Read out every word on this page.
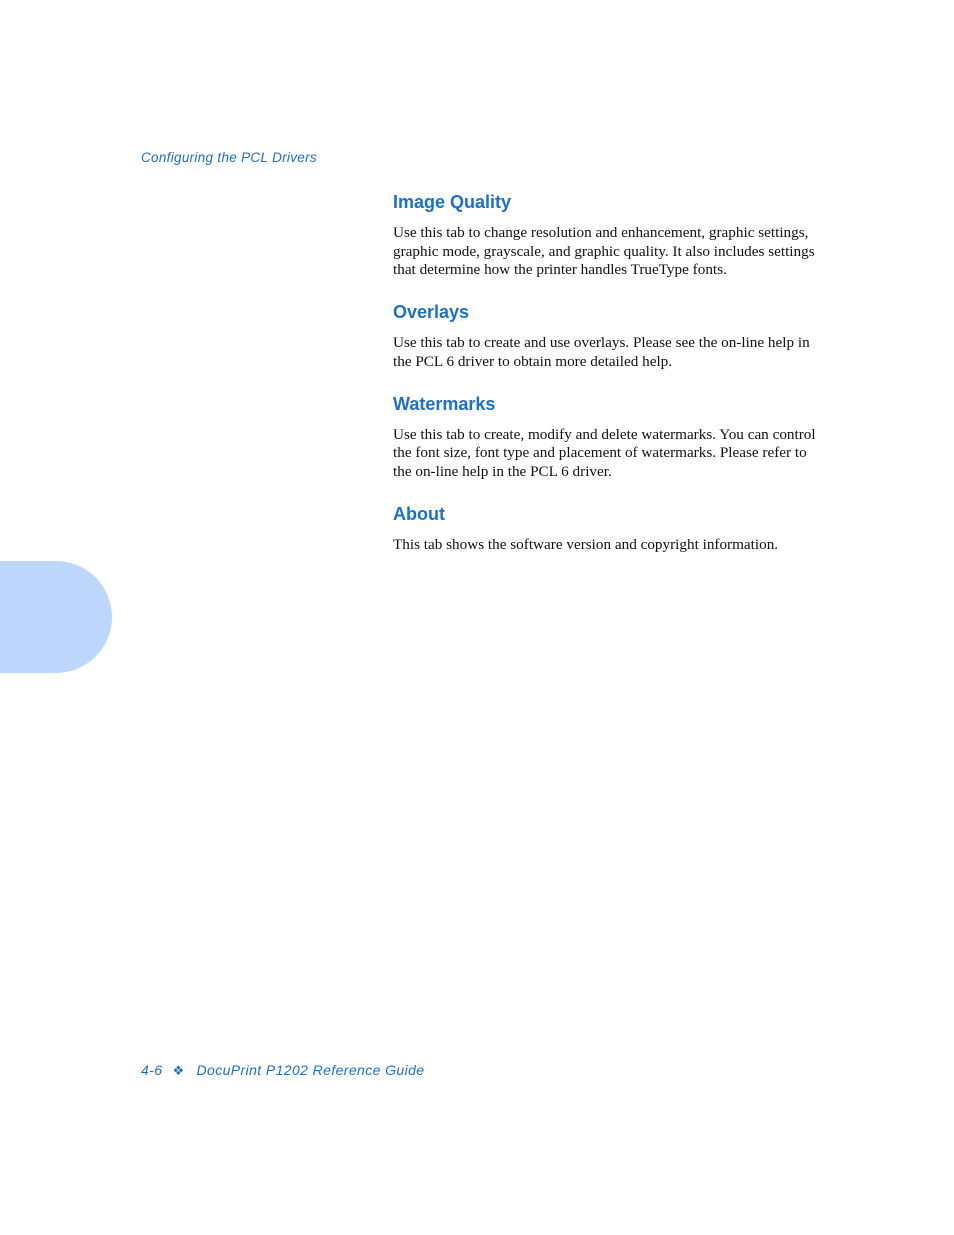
Configuring the PCL Drivers
Image Quality
Use this tab to change resolution and enhancement, graphic settings, graphic mode, grayscale, and graphic quality. It also includes settings that determine how the printer handles TrueType fonts.
Overlays
Use this tab to create and use overlays. Please see the on-line help in the PCL 6 driver to obtain more detailed help.
Watermarks
Use this tab to create, modify and delete watermarks. You can control the font size, font type and placement of watermarks. Please refer to the on-line help in the PCL 6 driver.
About
This tab shows the software version and copyright information.
4-6 ❖ DocuPrint P1202 Reference Guide
